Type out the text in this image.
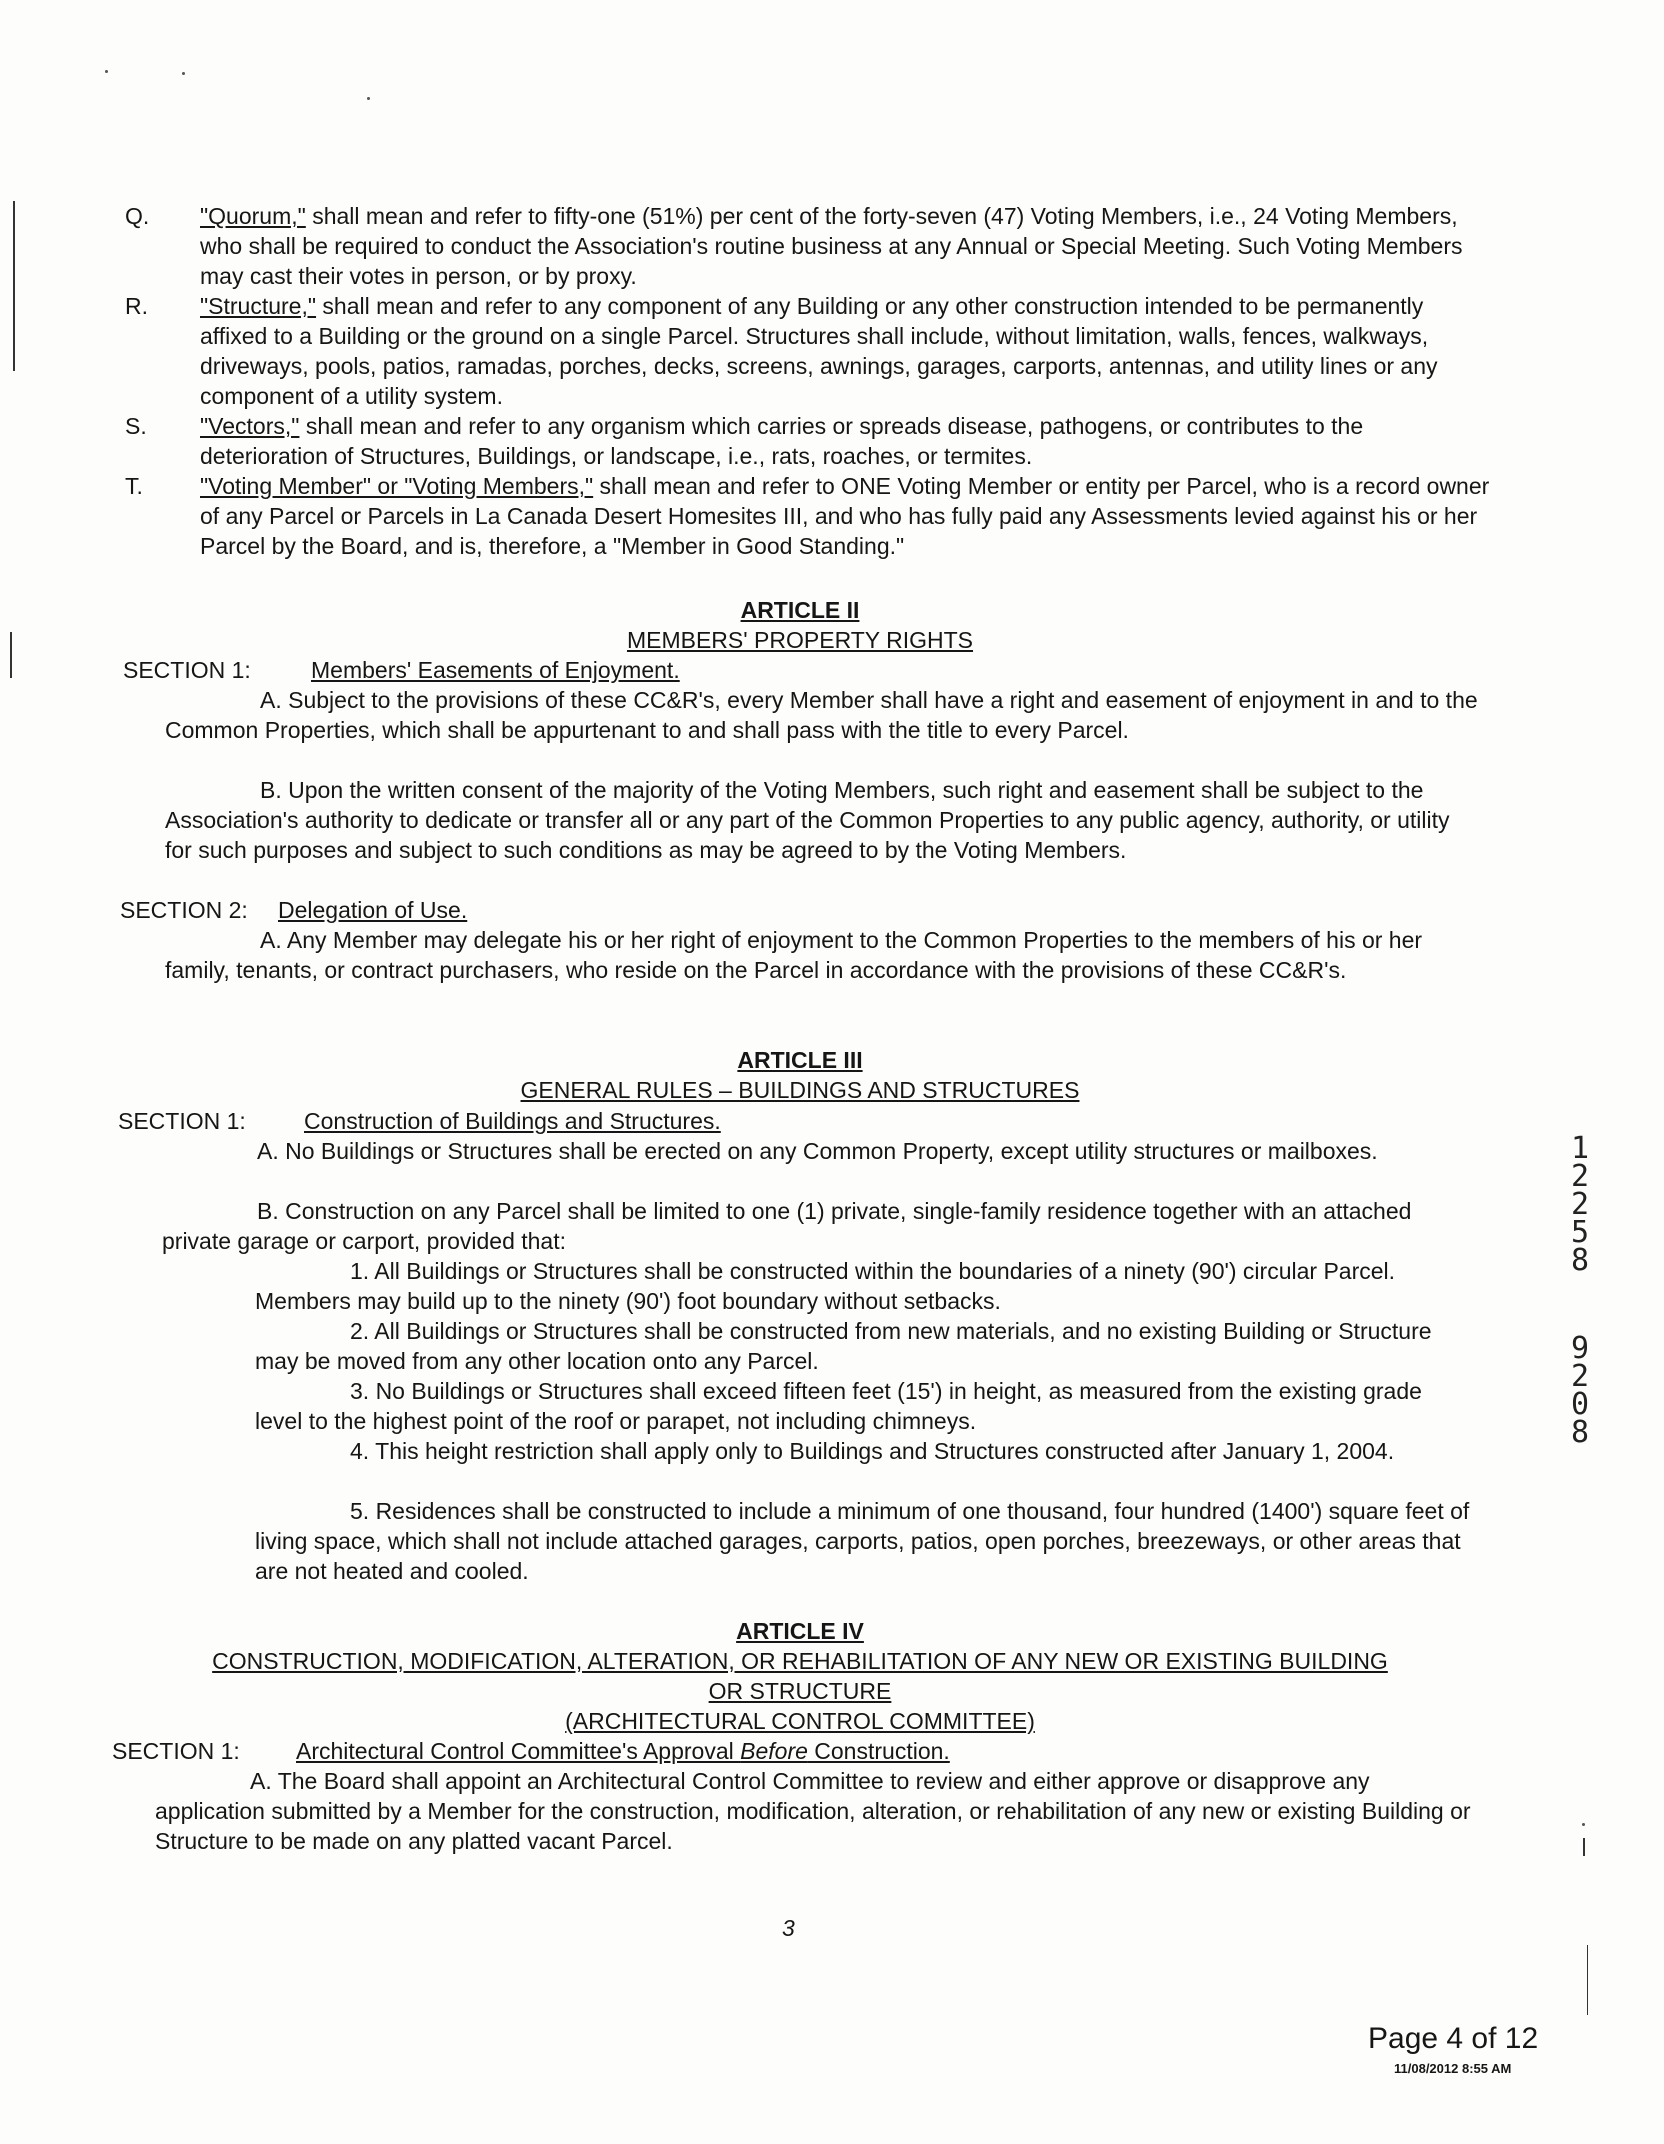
Q. "Quorum," shall mean and refer to fifty-one (51%) per cent of the forty-seven (47) Voting Members, i.e., 24 Voting Members, who shall be required to conduct the Association's routine business at any Annual or Special Meeting. Such Voting Members may cast their votes in person, or by proxy.
R. "Structure," shall mean and refer to any component of any Building or any other construction intended to be permanently affixed to a Building or the ground on a single Parcel. Structures shall include, without limitation, walls, fences, walkways, driveways, pools, patios, ramadas, porches, decks, screens, awnings, garages, carports, antennas, and utility lines or any component of a utility system.
S. "Vectors," shall mean and refer to any organism which carries or spreads disease, pathogens, or contributes to the deterioration of Structures, Buildings, or landscape, i.e., rats, roaches, or termites.
T. "Voting Member" or "Voting Members," shall mean and refer to ONE Voting Member or entity per Parcel, who is a record owner of any Parcel or Parcels in La Canada Desert Homesites III, and who has fully paid any Assessments levied against his or her Parcel by the Board, and is, therefore, a "Member in Good Standing."
ARTICLE II
MEMBERS' PROPERTY RIGHTS
SECTION 1:	Members' Easements of Enjoyment.
A. Subject to the provisions of these CC&R's, every Member shall have a right and easement of enjoyment in and to the Common Properties, which shall be appurtenant to and shall pass with the title to every Parcel.
B. Upon the written consent of the majority of the Voting Members, such right and easement shall be subject to the Association's authority to dedicate or transfer all or any part of the Common Properties to any public agency, authority, or utility for such purposes and subject to such conditions as may be agreed to by the Voting Members.
SECTION 2: Delegation of Use.
A. Any Member may delegate his or her right of enjoyment to the Common Properties to the members of his or her family, tenants, or contract purchasers, who reside on the Parcel in accordance with the provisions of these CC&R's.
ARTICLE III
GENERAL RULES – BUILDINGS AND STRUCTURES
SECTION 1:	Construction of Buildings and Structures.
A. No Buildings or Structures shall be erected on any Common Property, except utility structures or mailboxes.
B. Construction on any Parcel shall be limited to one (1) private, single-family residence together with an attached private garage or carport, provided that:
1. All Buildings or Structures shall be constructed within the boundaries of a ninety (90') circular Parcel. Members may build up to the ninety (90') foot boundary without setbacks.
2. All Buildings or Structures shall be constructed from new materials, and no existing Building or Structure may be moved from any other location onto any Parcel.
3. No Buildings or Structures shall exceed fifteen feet (15') in height, as measured from the existing grade level to the highest point of the roof or parapet, not including chimneys.
4. This height restriction shall apply only to Buildings and Structures constructed after January 1, 2004.
5. Residences shall be constructed to include a minimum of one thousand, four hundred (1400') square feet of living space, which shall not include attached garages, carports, patios, open porches, breezeways, or other areas that are not heated and cooled.
ARTICLE IV
CONSTRUCTION, MODIFICATION, ALTERATION, OR REHABILITATION OF ANY NEW OR EXISTING BUILDING
OR STRUCTURE
(ARCHITECTURAL CONTROL COMMITTEE)
SECTION 1: Architectural Control Committee's Approval Before Construction.
A. The Board shall appoint an Architectural Control Committee to review and either approve or disapprove any application submitted by a Member for the construction, modification, alteration, or rehabilitation of any new or existing Building or Structure to be made on any platted vacant Parcel.
1 2 2 5 8
9 2 0 8
3
Page 4 of 12
11/08/2012 8:55 AM
